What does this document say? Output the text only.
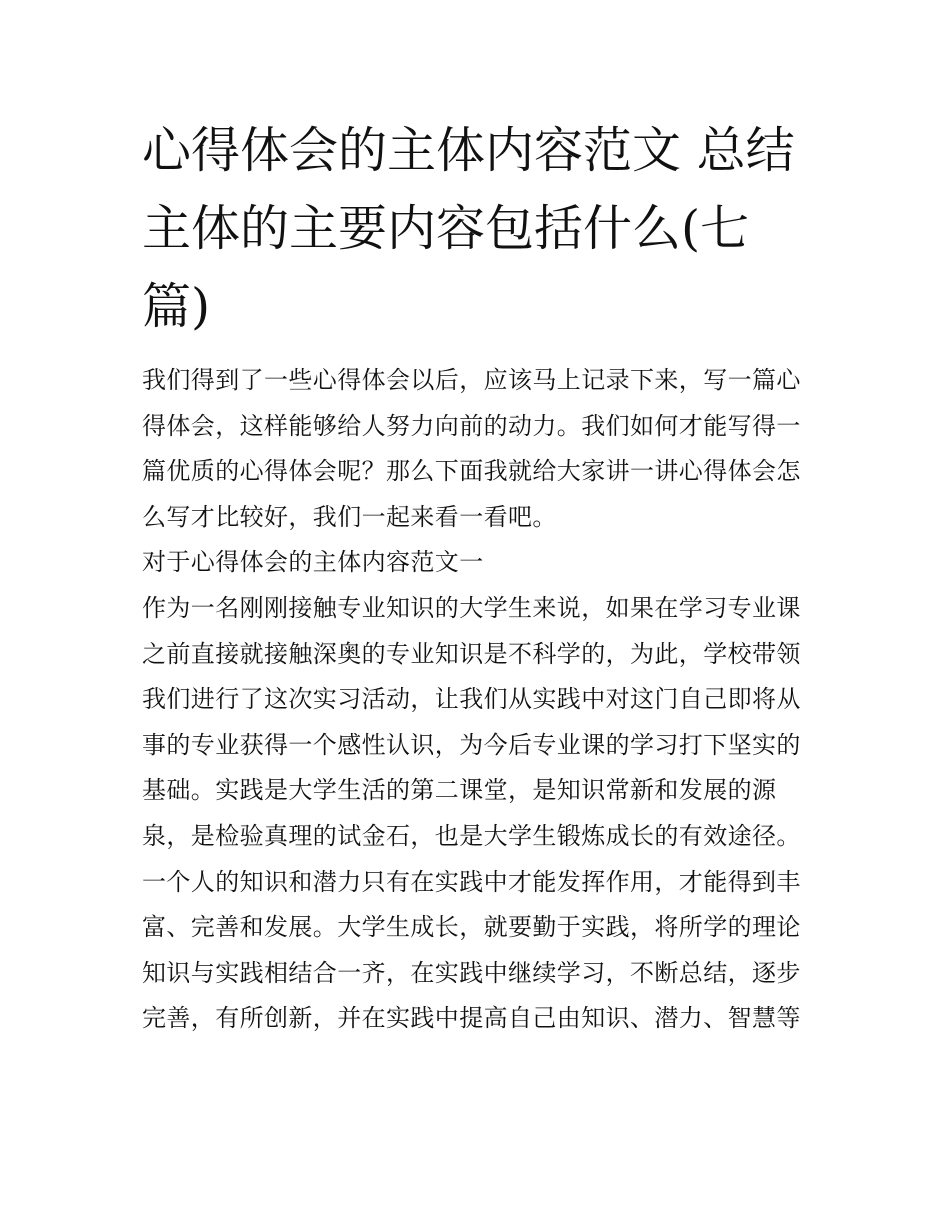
心得体会的主体内容范文 总结
主体的主要内容包括什么(七
篇)
我们得到了一些心得体会以后，应该马上记录下来，写一篇心
得体会，这样能够给人努力向前的动力。我们如何才能写得一
篇优质的心得体会呢？那么下面我就给大家讲一讲心得体会怎
么写才比较好，我们一起来看一看吧。
对于心得体会的主体内容范文一
作为一名刚刚接触专业知识的大学生来说，如果在学习专业课
之前直接就接触深奥的专业知识是不科学的，为此，学校带领
我们进行了这次实习活动，让我们从实践中对这门自己即将从
事的专业获得一个感性认识，为今后专业课的学习打下坚实的
基础。实践是大学生活的第二课堂，是知识常新和发展的源
泉，是检验真理的试金石，也是大学生锻炼成长的有效途径。
一个人的知识和潜力只有在实践中才能发挥作用，才能得到丰
富、完善和发展。大学生成长，就要勤于实践，将所学的理论
知识与实践相结合一齐，在实践中继续学习，不断总结，逐步
完善，有所创新，并在实践中提高自己由知识、潜力、智慧等
